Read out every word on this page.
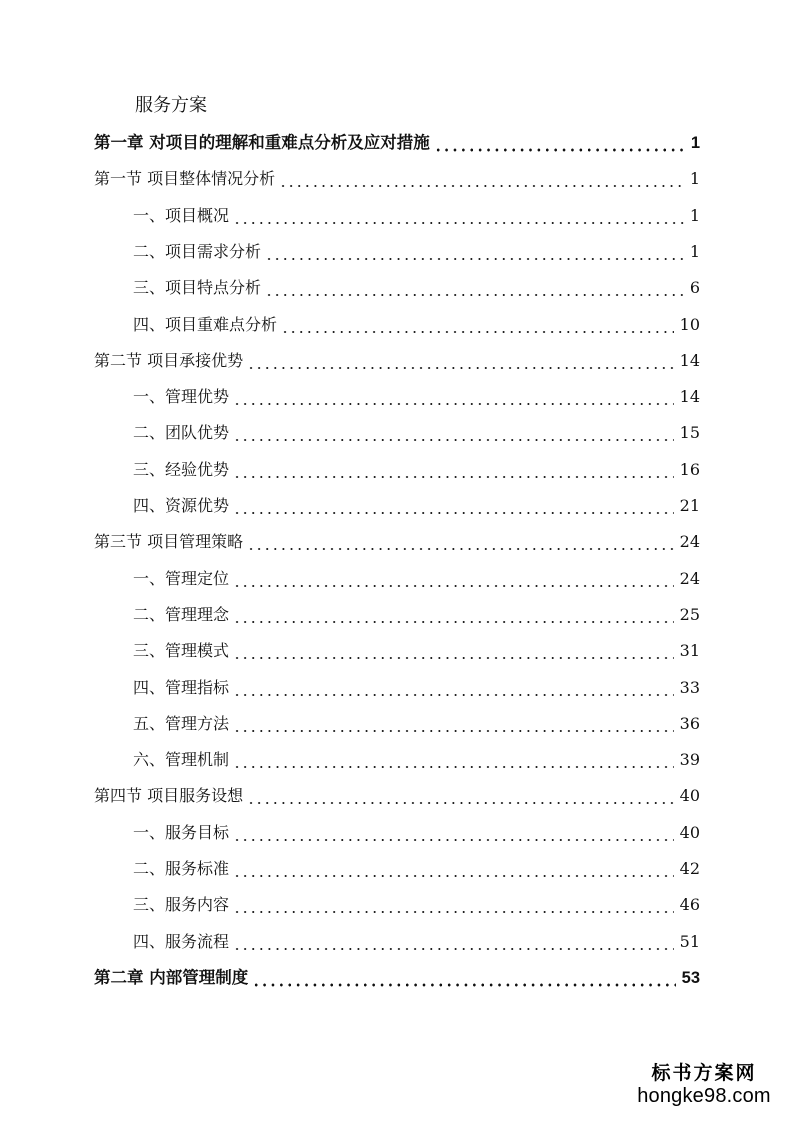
服务方案
第一章 对项目的理解和重难点分析及应对措施	1
第一节 项目整体情况分析	1
一、项目概况	1
二、项目需求分析	1
三、项目特点分析	6
四、项目重难点分析	10
第二节 项目承接优势	14
一、管理优势	14
二、团队优势	15
三、经验优势	16
四、资源优势	21
第三节 项目管理策略	24
一、管理定位	24
二、管理理念	25
三、管理模式	31
四、管理指标	33
五、管理方法	36
六、管理机制	39
第四节 项目服务设想	40
一、服务目标	40
二、服务标准	42
三、服务内容	46
四、服务流程	51
第二章 内部管理制度	53
标书方案网
hongke98.com
